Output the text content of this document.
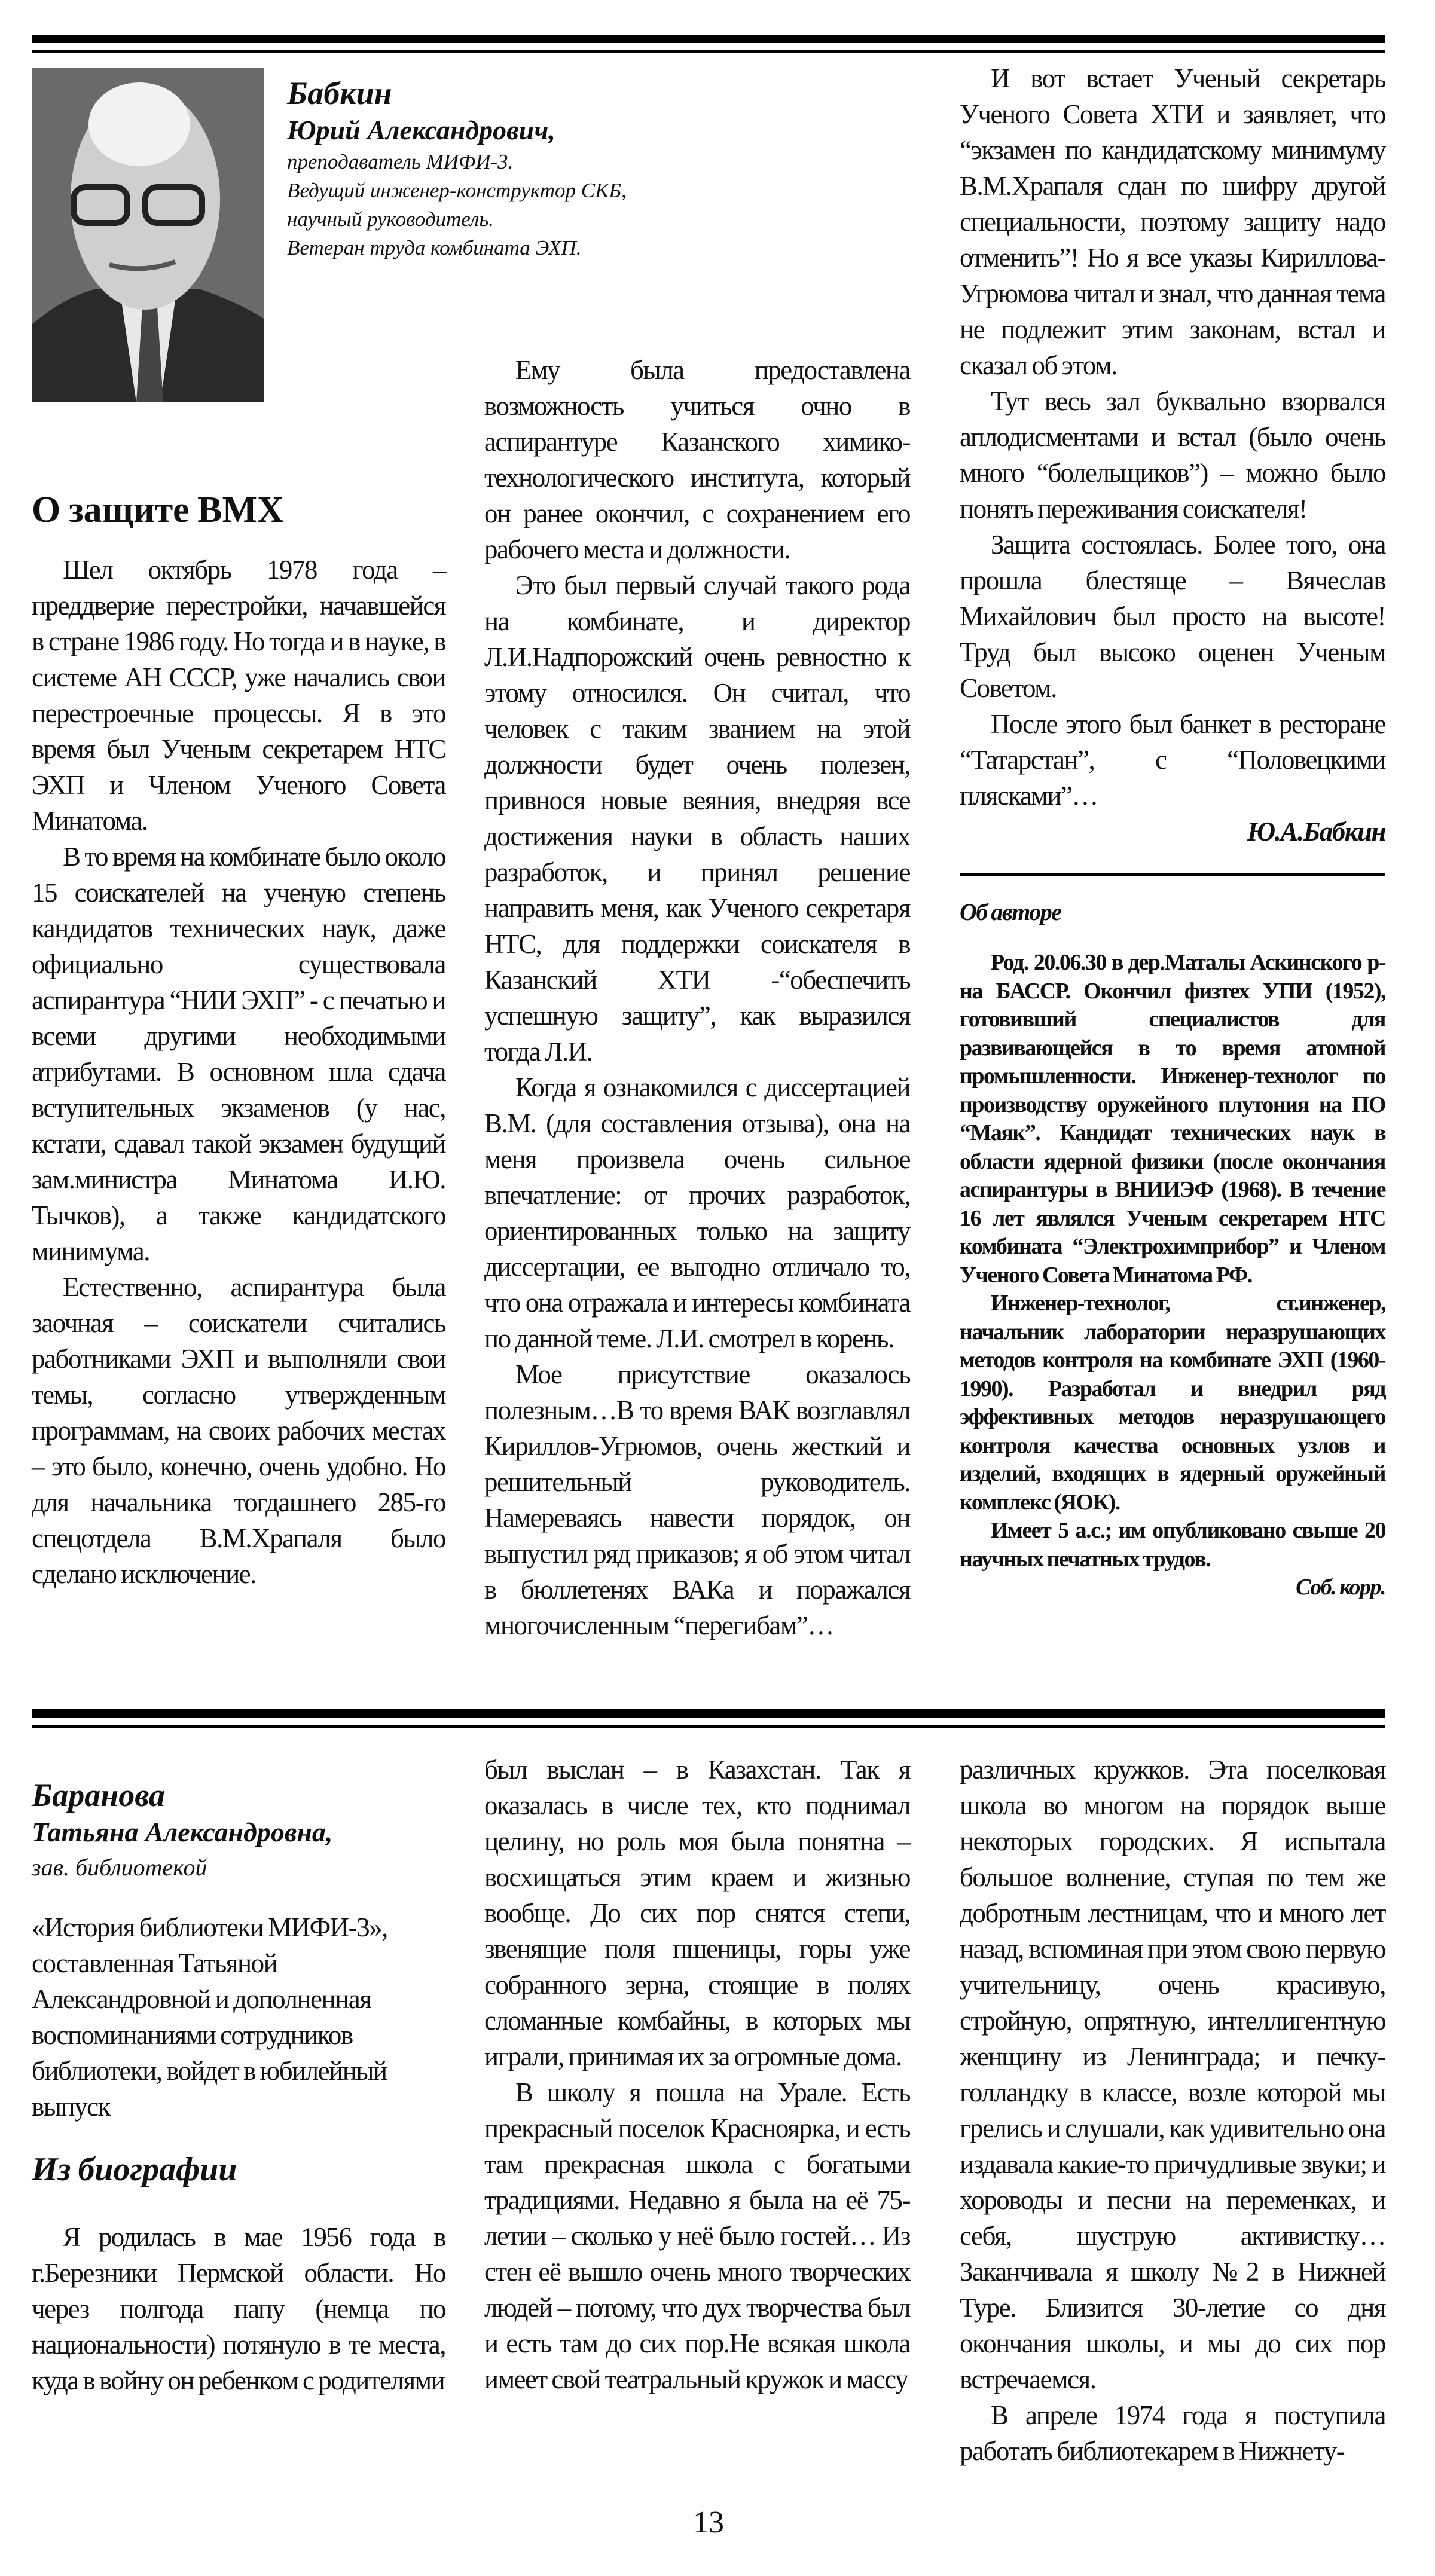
Бабкин
Юрий Александрович,
преподаватель МИФИ-3.
Ведущий инженер-конструктор СКБ,
научный руководитель.
Ветеран труда комбината ЭХП.
О защите ВМХ

Шел октябрь 1978 года – преддверие перестройки, начавшейся в стране 1986 году. Но тогда и в науке, в системе АН СССР, уже начались свои перестроечные процессы. Я в это время был Ученым секретарем НТС ЭХП и Членом Ученого Совета Минатома.

В то время на комбинате было около 15 соискателей на ученую степень кандидатов технических наук, даже официально существовала аспирантура “НИИ ЭХП” - с печатью и всеми другими необходимыми атрибутами. В основном шла сдача вступительных экзаменов (у нас, кстати, сдавал такой экзамен будущий зам.министра Минатома И.Ю. Тычков), а также кандидатского минимума.

Естественно, аспирантура была заочная – соискатели считались работниками ЭХП и выполняли свои темы, согласно утвержденным программам, на своих рабочих местах – это было, конечно, очень удобно. Но для начальника тогдашнего 285-го спецотдела В.М.Храпаля было сделано исключение.

Ему была предоставлена возможность учиться очно в аспирантуре Казанского химико-технологического института, который он ранее окончил, с сохранением его рабочего места и должности.

Это был первый случай такого рода на комбинате, и директор Л.И.Надпорожский очень ревностно к этому относился. Он считал, что человек с таким званием на этой должности будет очень полезен, привнося новые веяния, внедряя все достижения науки в область наших разработок, и принял решение направить меня, как Ученого секретаря НТС, для поддержки соискателя в Казанский ХТИ -“обеспечить успешную защиту”, как выразился тогда Л.И.

Когда я ознакомился с диссертацией В.М. (для составления отзыва), она на меня произвела очень сильное впечатление: от прочих разработок, ориентированных только на защиту диссертации, ее выгодно отличало то, что она отражала и интересы комбината по данной теме. Л.И. смотрел в корень.

Мое присутствие оказалось полезным…В то время ВАК возглавлял Кириллов-Угрюмов, очень жесткий и решительный руководитель. Намереваясь навести порядок, он выпустил ряд приказов; я об этом читал в бюллетенях ВАКа и поражался многочисленным “перегибам”…

И вот встает Ученый секретарь Ученого Совета ХТИ и заявляет, что “экзамен по кандидатскому минимуму В.М.Храпаля сдан по шифру другой специальности, поэтому защиту надо отменить”! Но я все указы Кириллова-Угрюмова читал и знал, что данная тема не подлежит этим законам, встал и сказал об этом.

Тут весь зал буквально взорвался аплодисментами и встал (было очень много “болельщиков”) – можно было понять переживания соискателя!

Защита состоялась. Более того, она прошла блестяще – Вячеслав Михайлович был просто на высоте! Труд был высоко оценен Ученым Советом.

После этого был банкет в ресторане “Татарстан”, с “Половецкими плясками”…

Ю.А.Бабкин
Об авторе

Род. 20.06.30 в дер.Маталы Аскинского р-на БАССР. Окончил физтех УПИ (1952), готовивший специалистов для развивающейся в то время атомной промышленности. Инженер-технолог по производству оружейного плутония на ПО “Маяк”. Кандидат технических наук в области ядерной физики (после окончания аспирантуры в ВНИИЭФ (1968). В течение 16 лет являлся Ученым секретарем НТС комбината “Электрохимприбор” и Членом Ученого Совета Минатома РФ.

Инженер-технолог, ст.инженер, начальник лаборатории неразрушающих методов контроля на комбинате ЭХП (1960-1990). Разработал и внедрил ряд эффективных методов неразрушающего контроля качества основных узлов и изделий, входящих в ядерный оружейный комплекс (ЯОК).

Имеет 5 а.с.; им опубликовано свыше 20 научных печатных трудов.

Соб. корр.
Баранова
Татьяна Александровна,
зав. библиотекой
«История библиотеки МИФИ-3», составленная Татьяной Александровной и дополненная воспоминаниями сотрудников библиотеки, войдет в юбилейный выпуск
Из биографии

Я родилась в мае 1956 года в г.Березники Пермской области. Но через полгода папу (немца по национальности) потянуло в те места, куда в войну он ребенком с родителями

был выслан – в Казахстан. Так я оказалась в числе тех, кто поднимал целину, но роль моя была понятна – восхищаться этим краем и жизнью вообще. До сих пор снятся степи, звенящие поля пшеницы, горы уже собранного зерна, стоящие в полях сломанные комбайны, в которых мы играли, принимая их за огромные дома.

В школу я пошла на Урале. Есть прекрасный поселок Красноярка, и есть там прекрасная школа с богатыми традициями. Недавно я была на её 75-летии – сколько у неё было гостей… Из стен её вышло очень много творческих людей – потому, что дух творчества был и есть там до сих пор.Не всякая школа имеет свой театральный кружок и массу

различных кружков. Эта поселковая школа во многом на порядок выше некоторых городских. Я испытала большое волнение, ступая по тем же добротным лестницам, что и много лет назад, вспоминая при этом свою первую учительницу, очень красивую, стройную, опрятную, интеллигентную женщину из Ленинграда; и печку-голландку в классе, возле которой мы грелись и слушали, как удивительно она издавала какие-то причудливые звуки; и хороводы и песни на переменках, и себя, шуструю активистку… Заканчивала я школу №2 в Нижней Туре. Близится 30-летие со дня окончания школы, и мы до сих пор встречаемся.

В апреле 1974 года я поступила работать библиотекарем в Нижнету-

13
